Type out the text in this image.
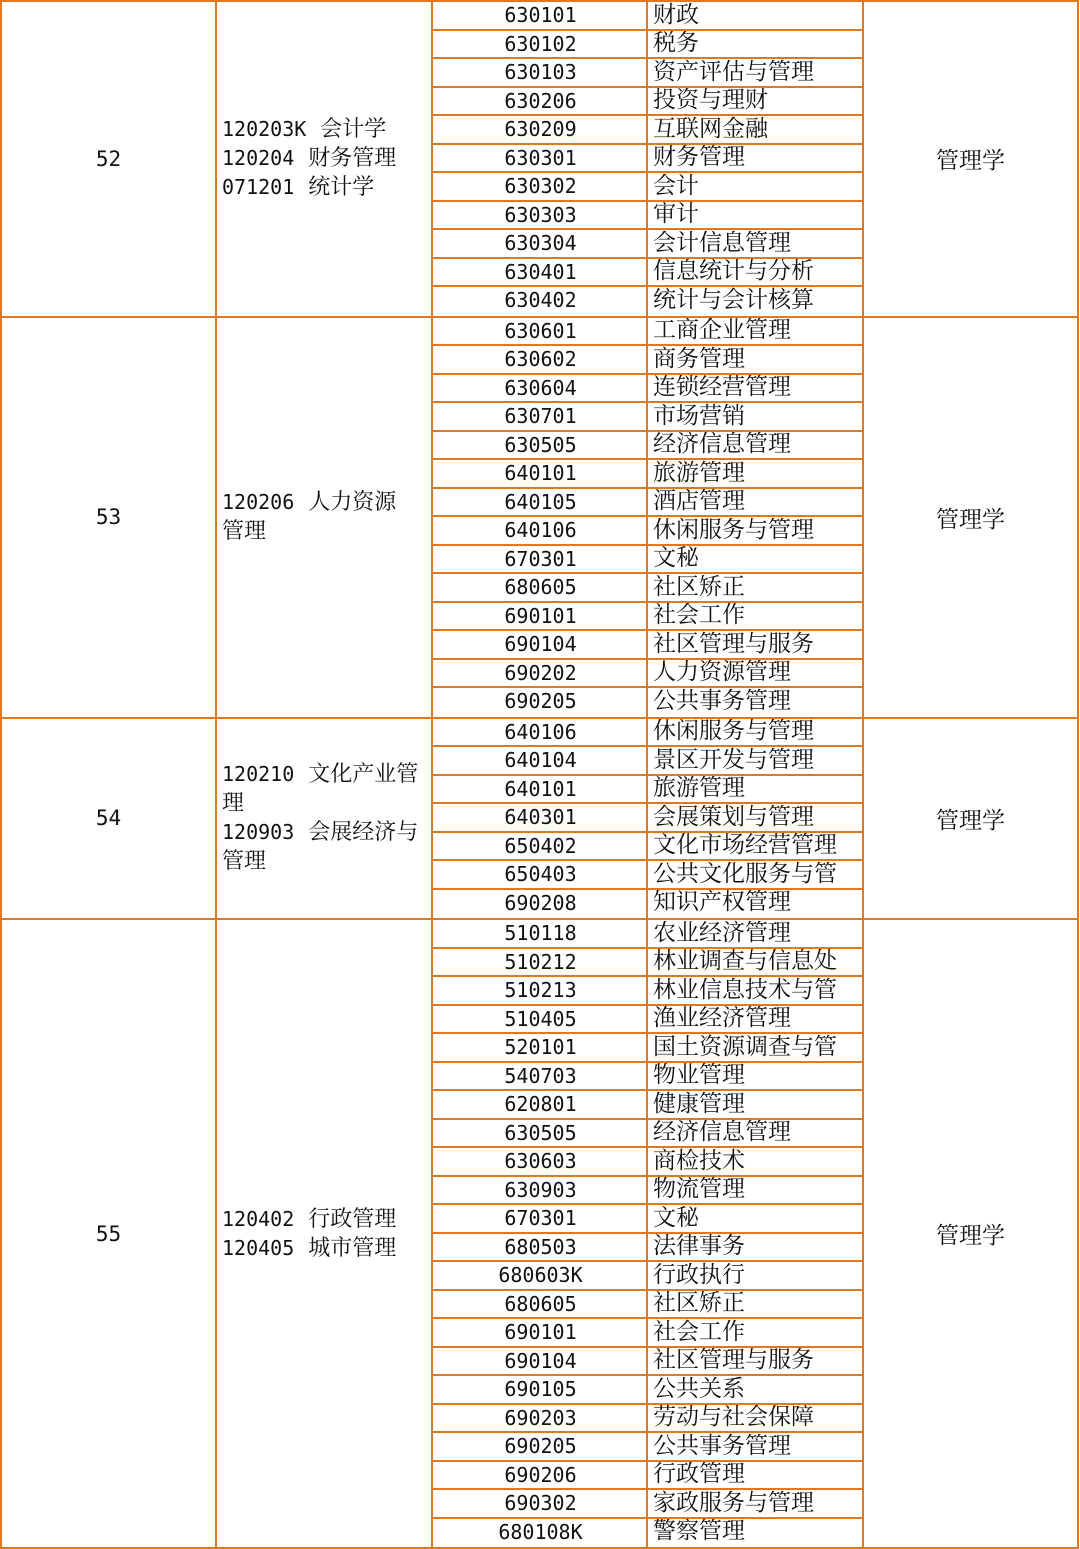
52
120203K 会计学
120204 财务管理
071201 统计学
630101	财政
630102	税务
630103	资产评估与管理
630206	投资与理财
630209	互联网金融
630301	财务管理
630302	会计
630303	审计
630304	会计信息管理
630401	信息统计与分析
630402	统计与会计核算
管理学
53
120206 人力资源
管理
630601	工商企业管理
630602	商务管理
630604	连锁经营管理
630701	市场营销
630505	经济信息管理
640101	旅游管理
640105	酒店管理
640106	休闲服务与管理
670301	文秘
680605	社区矫正
690101	社会工作
690104	社区管理与服务
690202	人力资源管理
690205	公共事务管理
管理学
54
120210 文化产业管
理
120903 会展经济与
管理
640106	休闲服务与管理
640104	景区开发与管理
640101	旅游管理
640301	会展策划与管理
650402	文化市场经营管理
650403	公共文化服务与管
690208	知识产权管理
管理学
55
120402 行政管理
120405 城市管理
510118	农业经济管理
510212	林业调查与信息处
510213	林业信息技术与管
510405	渔业经济管理
520101	国土资源调查与管
540703	物业管理
620801	健康管理
630505	经济信息管理
630603	商检技术
630903	物流管理
670301	文秘
680503	法律事务
680603K	行政执行
680605	社区矫正
690101	社会工作
690104	社区管理与服务
690105	公共关系
690203	劳动与社会保障
690205	公共事务管理
690206	行政管理
690302	家政服务与管理
680108K	警察管理
管理学
